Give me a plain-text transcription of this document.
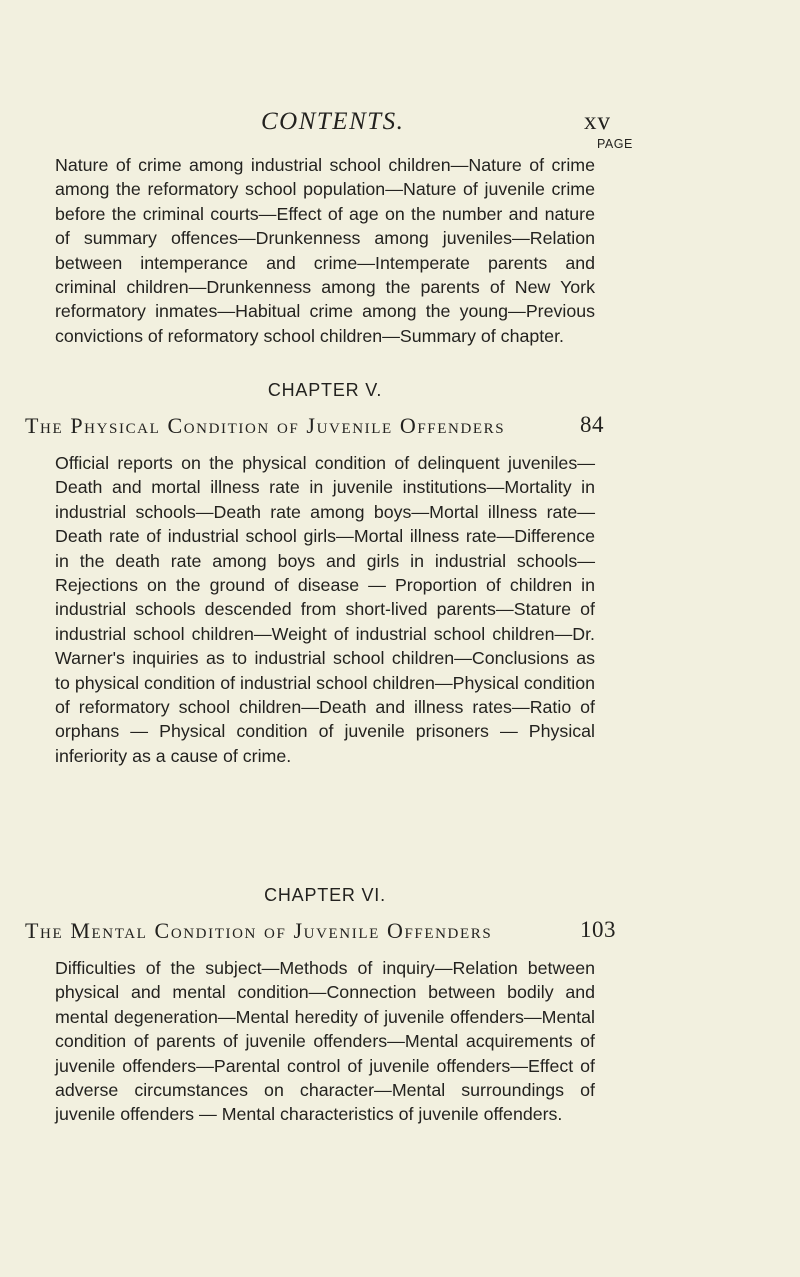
CONTENTS.	xv
PAGE

Nature of crime among industrial school children—Nature of crime among the reformatory school population—Nature of juvenile crime before the criminal courts—Effect of age on the number and nature of summary offences—Drunkenness among juveniles—Relation between intemperance and crime—Intemperate parents and criminal children—Drunkenness among the parents of New York reformatory inmates—Habitual crime among the young—Previous convictions of reformatory school children—Summary of chapter.

CHAPTER V.
The Physical Condition of Juvenile Offenders	84

Official reports on the physical condition of delinquent juveniles—Death and mortal illness rate in juvenile institutions—Mortality in industrial schools—Death rate among boys—Mortal illness rate—Death rate of industrial school girls—Mortal illness rate—Difference in the death rate among boys and girls in industrial schools—Rejections on the ground of disease — Proportion of children in industrial schools descended from short-lived parents—Stature of industrial school children—Weight of industrial school children—Dr. Warner's inquiries as to industrial school children—Conclusions as to physical condition of industrial school children—Physical condition of reformatory school children—Death and illness rates—Ratio of orphans — Physical condition of juvenile prisoners — Physical inferiority as a cause of crime.

CHAPTER VI.
The Mental Condition of Juvenile Offenders	103

Difficulties of the subject—Methods of inquiry—Relation between physical and mental condition—Connection between bodily and mental degeneration—Mental heredity of juvenile offenders—Mental condition of parents of juvenile offenders—Mental acquirements of juvenile offenders—Parental control of juvenile offenders—Effect of adverse circumstances on character—Mental surroundings of juvenile offenders — Mental characteristics of juvenile offenders.
